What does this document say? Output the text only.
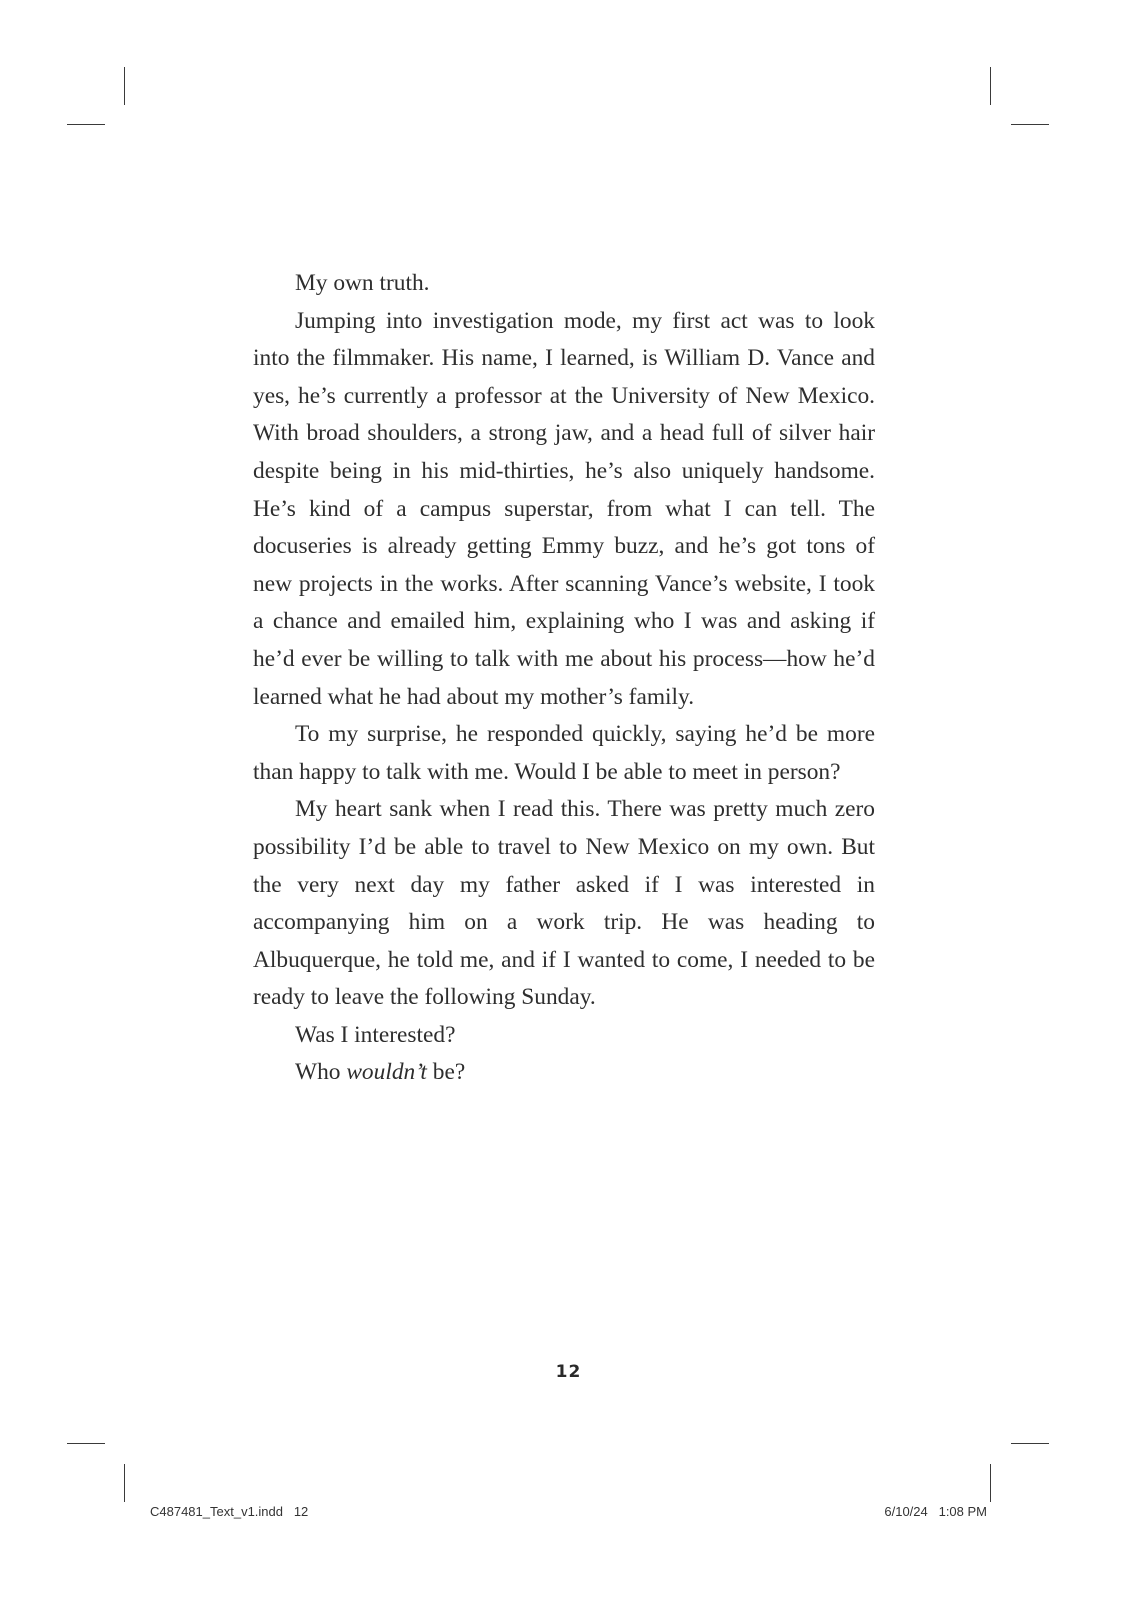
My own truth.

Jumping into investigation mode, my first act was to look into the filmmaker. His name, I learned, is William D. Vance and yes, he’s currently a professor at the University of New Mexico. With broad shoulders, a strong jaw, and a head full of silver hair despite being in his mid-thirties, he’s also uniquely handsome. He’s kind of a campus superstar, from what I can tell. The docuseries is already getting Emmy buzz, and he’s got tons of new projects in the works. After scanning Vance’s website, I took a chance and emailed him, explaining who I was and asking if he’d ever be willing to talk with me about his process—how he’d learned what he had about my mother’s family.

To my surprise, he responded quickly, saying he’d be more than happy to talk with me. Would I be able to meet in person?

My heart sank when I read this. There was pretty much zero possibility I’d be able to travel to New Mexico on my own. But the very next day my father asked if I was interested in accompanying him on a work trip. He was heading to Albuquerque, he told me, and if I wanted to come, I needed to be ready to leave the following Sunday.

Was I interested?

Who wouldn’t be?

12
C487481_Text_v1.indd   12	6/10/24   1:08 PM
